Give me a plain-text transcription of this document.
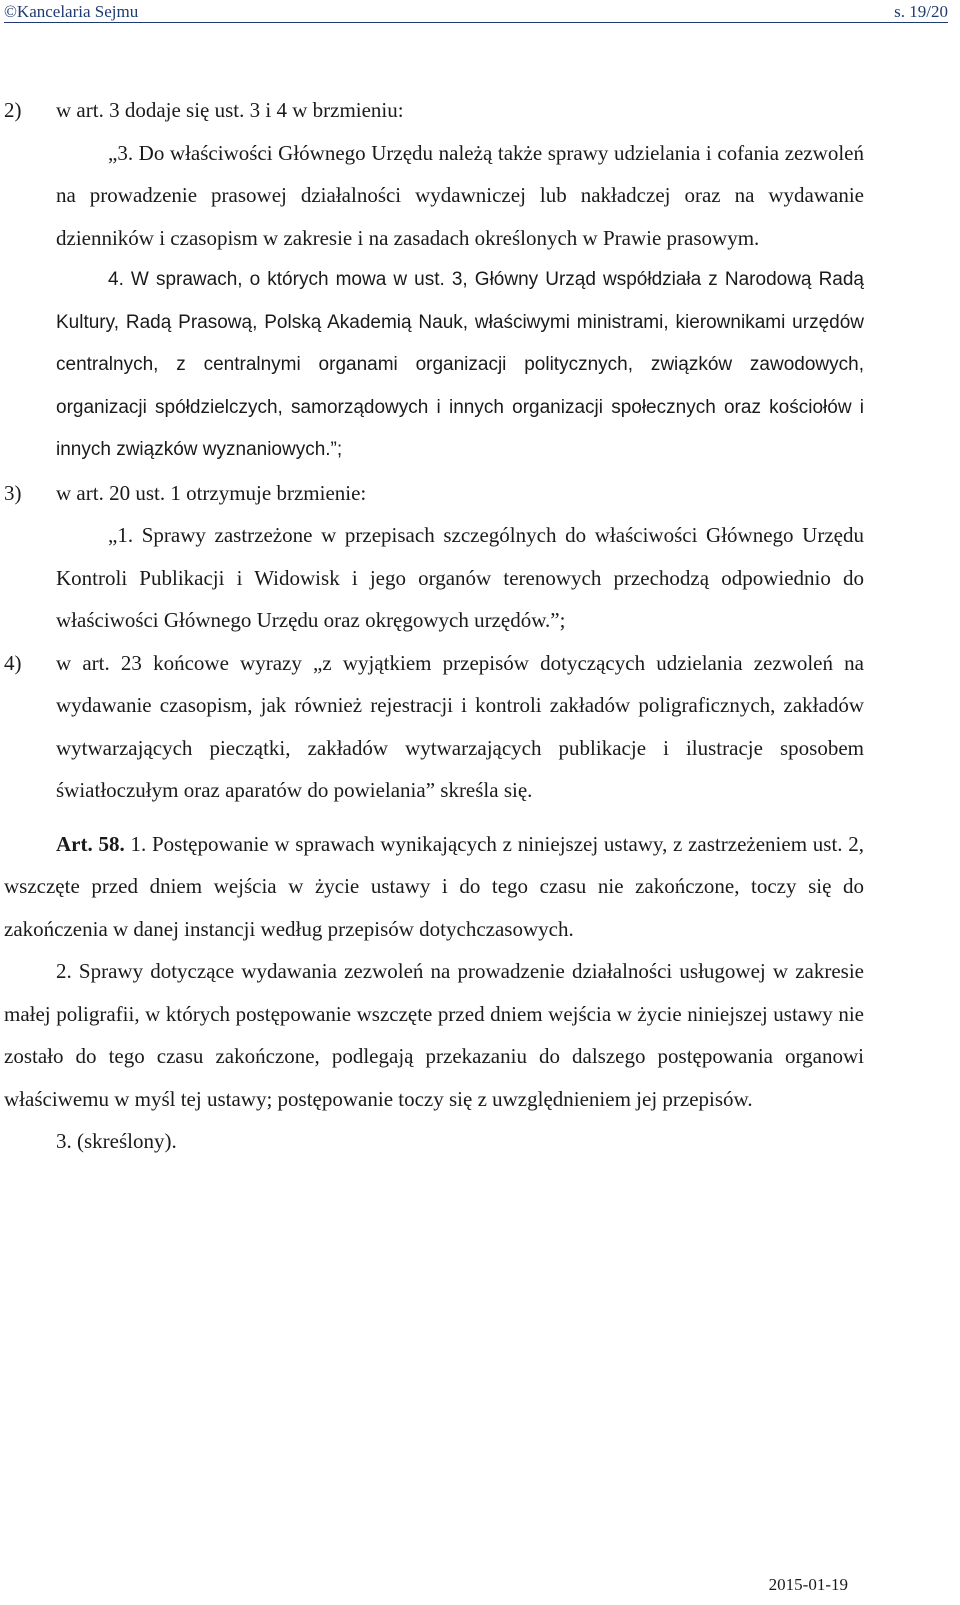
©Kancelaria Sejmu	s. 19/20
2)	w art. 3 dodaje się ust. 3 i 4 w brzmieniu:

„3. Do właściwości Głównego Urzędu należą także sprawy udzielania i cofania zezwoleń na prowadzenie prasowej działalności wydawniczej lub nakładczej oraz na wydawanie dzienników i czasopism w zakresie i na zasadach określonych w Prawie prasowym.

4. W sprawach, o których mowa w ust. 3, Główny Urząd współdziała z Narodową Radą Kultury, Radą Prasową, Polską Akademią Nauk, właściwymi ministrami, kierownikami urzędów centralnych, z centralnymi organami organizacji politycznych, związków zawodowych, organizacji spółdzielczych, samorządowych i innych organizacji społecznych oraz kościołów i innych związków wyznaniowych.”;

3)	w art. 20 ust. 1 otrzymuje brzmienie:

„1. Sprawy zastrzeżone w przepisach szczególnych do właściwości Głównego Urzędu Kontroli Publikacji i Widowisk i jego organów terenowych przechodzą odpowiednio do właściwości Głównego Urzędu oraz okręgowych urzędów.”;

4)	w art. 23 końcowe wyrazy „z wyjątkiem przepisów dotyczących udzielania zezwoleń na wydawanie czasopism, jak również rejestracji i kontroli zakładów poligraficznych, zakładów wytwarzających pieczątki, zakładów wytwarzających publikacje i ilustracje sposobem światłoczułym oraz aparatów do powielania” skreśla się.

Art. 58. 1. Postępowanie w sprawach wynikających z niniejszej ustawy, z zastrzeżeniem ust. 2, wszczęte przed dniem wejścia w życie ustawy i do tego czasu nie zakończone, toczy się do zakończenia w danej instancji według przepisów dotychczasowych.

2. Sprawy dotyczące wydawania zezwoleń na prowadzenie działalności usługowej w zakresie małej poligrafii, w których postępowanie wszczęte przed dniem wejścia w życie niniejszej ustawy nie zostało do tego czasu zakończone, podlegają przekazaniu do dalszego postępowania organowi właściwemu w myśl tej ustawy; postępowanie toczy się z uwzględnieniem jej przepisów.

3. (skreślony).

2015-01-19
